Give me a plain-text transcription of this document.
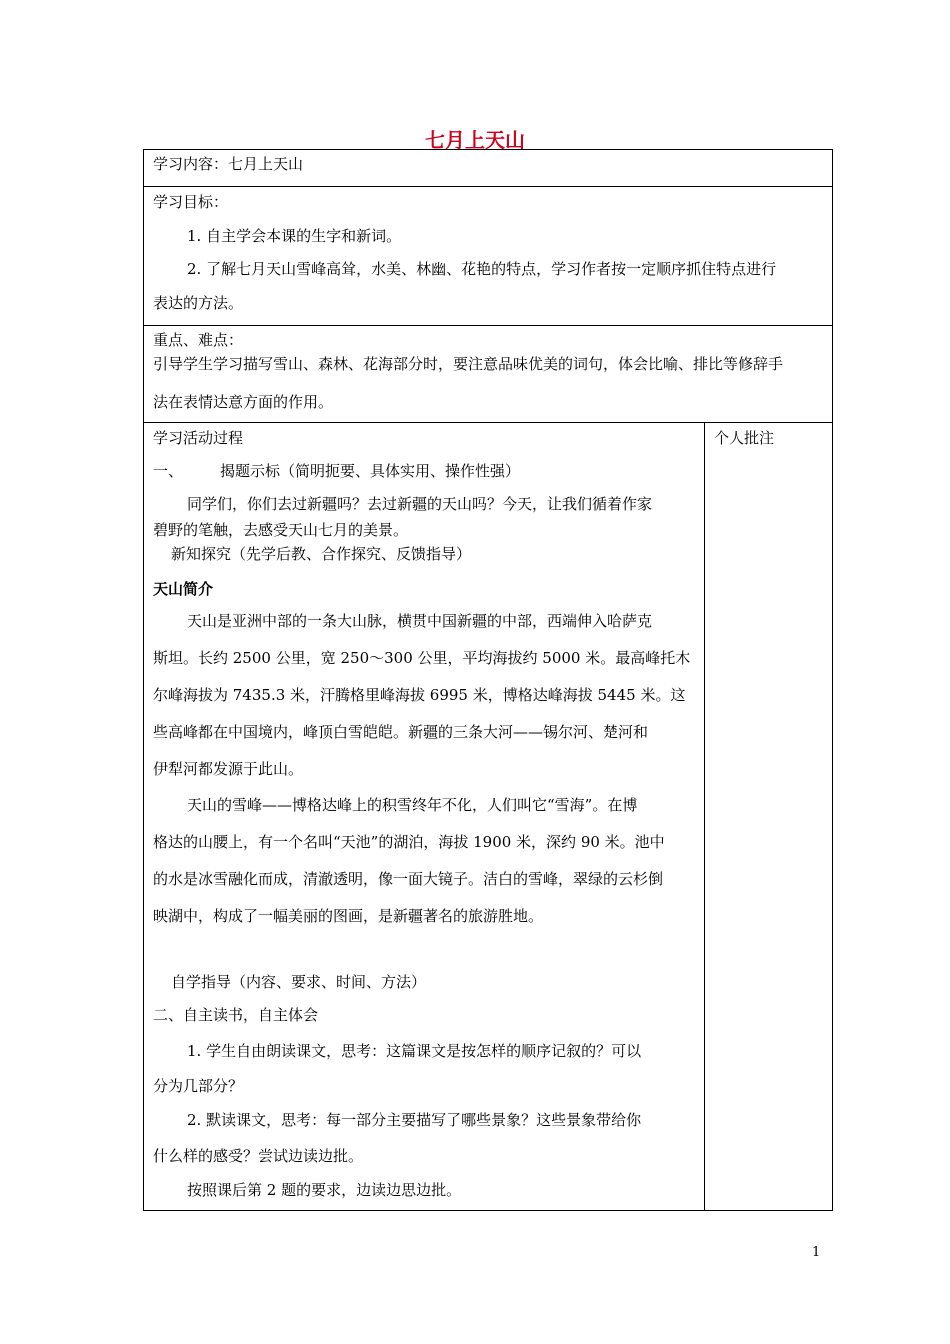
七月上天山
学习内容：七月上天山
学习目标：
1. 自主学会本课的生字和新词。
2. 了解七月天山雪峰高耸，水美、林幽、花艳的特点，学习作者按一定顺序抓住特点进行
表达的方法。
重点、难点：
引导学生学习描写雪山、森林、花海部分时，要注意品味优美的词句，体会比喻、排比等修辞手
法在表情达意方面的作用。
学习活动过程
一、 揭题示标（简明扼要、具体实用、操作性强）
同学们，你们去过新疆吗？去过新疆的天山吗？今天，让我们循着作家
碧野的笔触，去感受天山七月的美景。
新知探究（先学后教、合作探究、反馈指导）
天山简介
天山是亚洲中部的一条大山脉，横贯中国新疆的中部，西端伸入哈萨克
斯坦。长约 2500 公里，宽 250～300 公里，平均海拔约 5000 米。最高峰托木
尔峰海拔为 7435.3 米，汗腾格里峰海拔 6995 米，博格达峰海拔 5445 米。这
些高峰都在中国境内，峰顶白雪皑皑。新疆的三条大河——锡尔河、楚河和
伊犁河都发源于此山。
天山的雪峰——博格达峰上的积雪终年不化，人们叫它“雪海”。在博
格达的山腰上，有一个名叫“天池”的湖泊，海拔 1900 米，深约 90 米。池中
的水是冰雪融化而成，清澈透明，像一面大镜子。洁白的雪峰，翠绿的云杉倒
映湖中，构成了一幅美丽的图画，是新疆著名的旅游胜地。
自学指导（内容、要求、时间、方法）
二、自主读书，自主体会
1. 学生自由朗读课文，思考：这篇课文是按怎样的顺序记叙的？可以
分为几部分？
2. 默读课文，思考：每一部分主要描写了哪些景象？这些景象带给你
什么样的感受？尝试边读边批。
按照课后第 2 题的要求，边读边思边批。
个人批注
1
